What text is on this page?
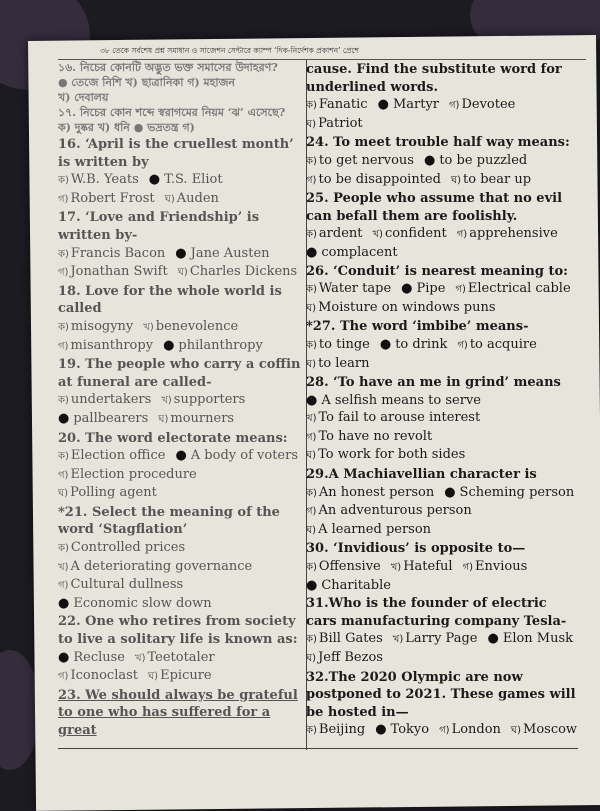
৩৮ তেকে সর্বশেষ প্রশ্ন সমাধান ও সাজেশন সেন্টারে ক্যাম্প ‘দিক-নির্দেশক প্রকাশন’ প্রেশে
১৬. নিচের কোনটি অদ্ভুত ভক্ত সমাসের উদাহরণ?
● তেজে নিশি খ) ছাত্রানিকা গ) মহাজন
খ) দেবালয়
১৭. নিচের কোন শব্দে স্বরাগমের নিয়ম ‘ঝ’ এসেছে?
ক) দুষ্কর খ) ধনি ● ভদ্রতন্ত্র গ)
16. ‘April is the cruellest month’ is written by
ক) W.B. Yeats	● T.S. Eliot
গ) Robert Frost ঘ) Auden
17. ‘Love and Friendship’ is written by-
ক) Francis Bacon	● Jane Austen
গ) Jonathan Swift ঘ) Charles Dickens
18. Love for the whole world is called
ক) misogyny খ) benevolence
গ) misanthropy	● philanthropy
19. The people who carry a coffin at funeral are called-
ক) undertakers খ) supporters
● pallbearers ঘ) mourners
20. The word electorate means:
ক) Election office	● A body of voters
গ) Election procedure
ঘ) Polling agent
*21. Select the meaning of the word ‘Stagflation’
ক) Controlled prices
খ) A deteriorating governance
গ) Cultural dullness
● Economic slow down
22. One who retires from society to live a solitary life is known as:
● Recluse খ) Teetotaler
গ) Iconoclast ঘ) Epicure
23. We should always be grateful to one who has suffered for a great
cause. Find the substitute word for underlined words.
ক) Fanatic	● Martyr গ) Devotee
ঘ) Patriot
24. To meet trouble half way means:
ক) to get nervous	● to be puzzled
গ) to be disappointed ঘ) to bear up
25. People who assume that no evil can befall them are foolishly.
ক) ardent খ) confident গ) apprehensive
● complacent
26. ‘Conduit’ is nearest meaning to:
ক) Water tape	● Pipe গ) Electrical cable
ঘ) Moisture on windows puns
*27. The word ‘imbibe’ means-
ক) to tinge	● to drink গ) to acquire
ঘ) to learn
28. ‘To have an me in grind’ means
● A selfish means to serve
খ) To fail to arouse interest
গ) To have no revolt
ঘ) To work for both sides
29.A Machiavellian character is
ক) An honest person	● Scheming person
গ) An adventurous person
ঘ) A learned person
30. ‘Invidious’ is opposite to—
ক) Offensive খ) Hateful গ) Envious
● Charitable
31.Who is the founder of electric cars manufacturing company Tesla-
ক) Bill Gates খ) Larry Page	● Elon Musk
ঘ) Jeff Bezos
32.The 2020 Olympic are now postponed to 2021. These games will be hosted in—
ক) Beijing	● Tokyo গ) London ঘ) Moscow
